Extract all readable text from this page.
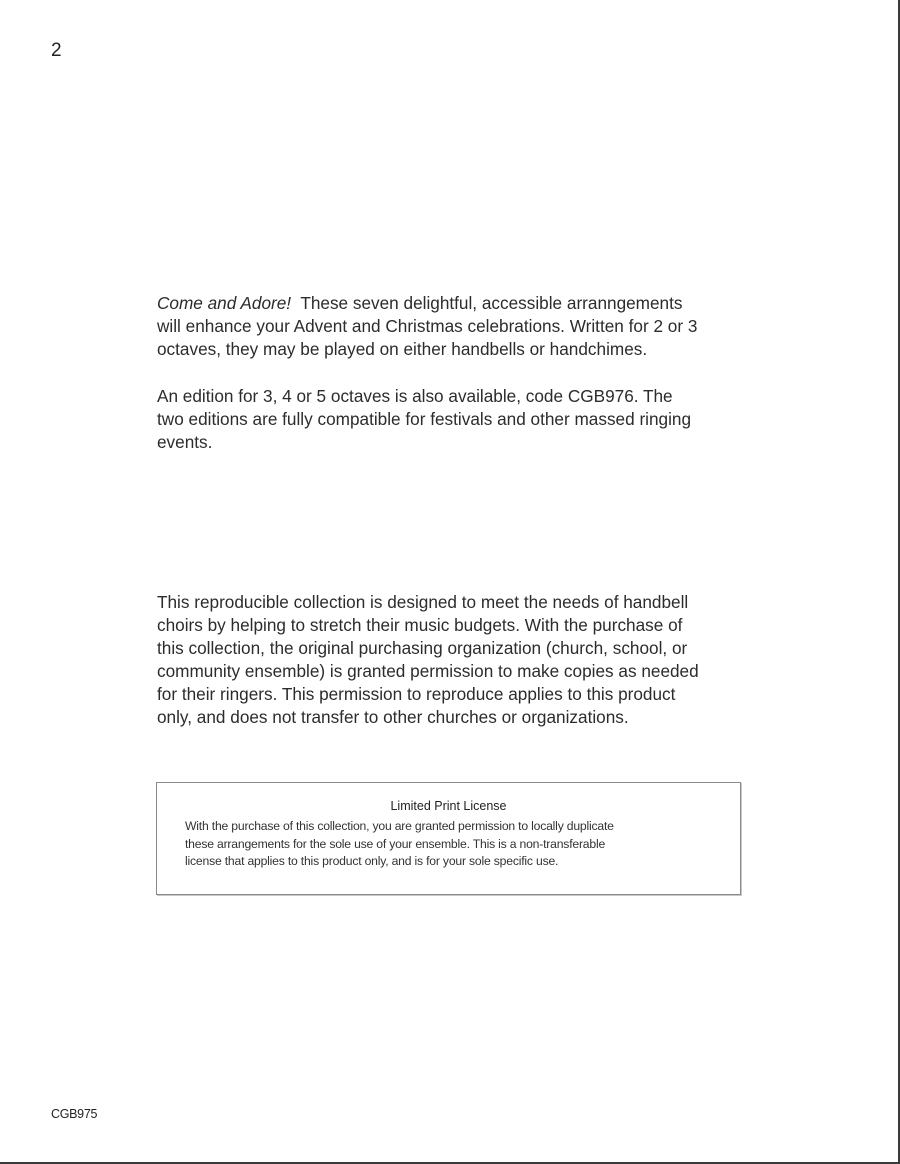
2

Come and Adore! These seven delightful, accessible arranngements
will enhance your Advent and Christmas celebrations. Written for 2 or 3
octaves, they may be played on either handbells or handchimes.

An edition for 3, 4 or 5 octaves is also available, code CGB976. The
two editions are fully compatible for festivals and other massed ringing
events.

This reproducible collection is designed to meet the needs of handbell
choirs by helping to stretch their music budgets. With the purchase of
this collection, the original purchasing organization (church, school, or
community ensemble) is granted permission to make copies as needed
for their ringers. This permission to reproduce applies to this product
only, and does not transfer to other churches or organizations.

Limited Print License
With the purchase of this collection, you are granted permission to locally duplicate
these arrangements for the sole use of your ensemble. This is a non-transferable
license that applies to this product only, and is for your sole specific use.
CGB975
